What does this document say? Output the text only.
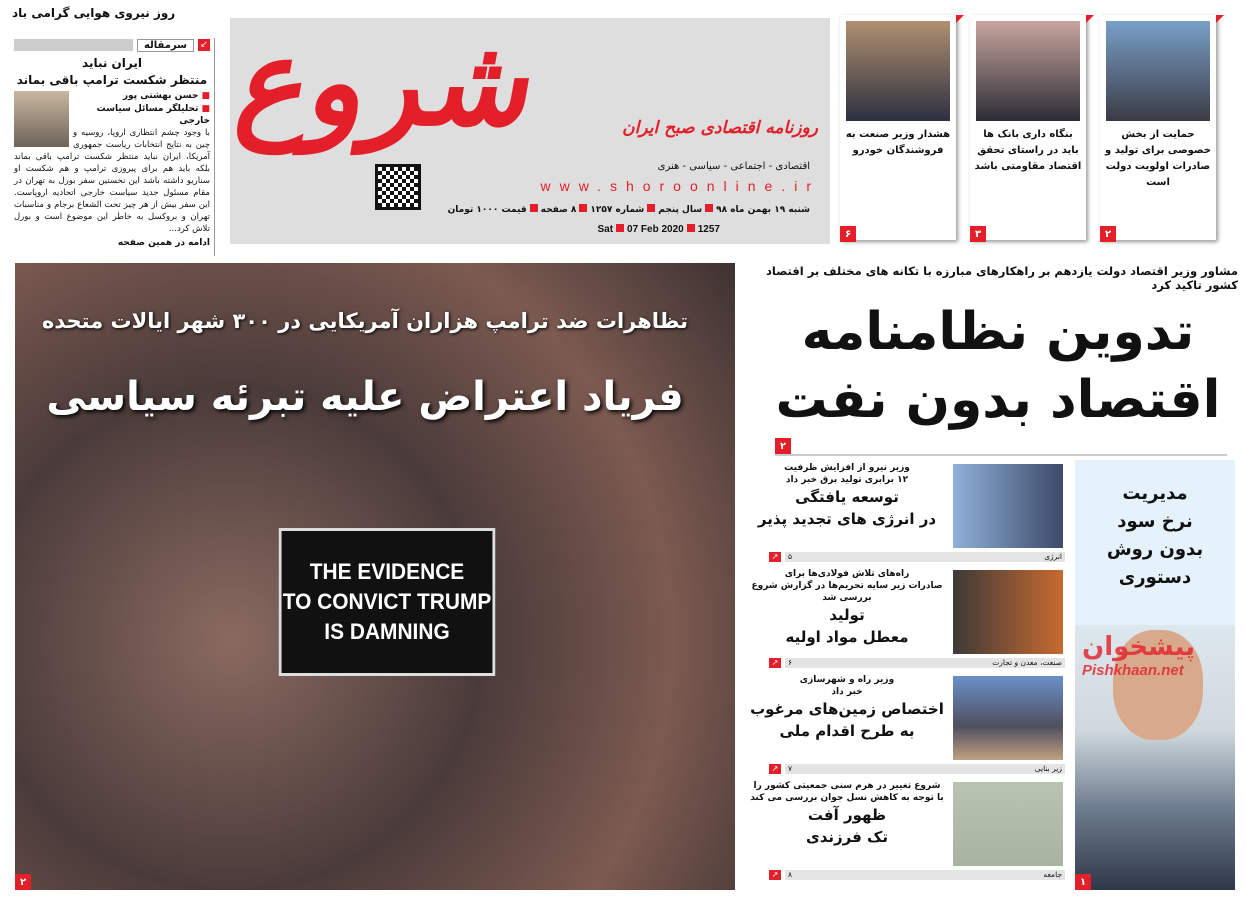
روز نیروی هوایی گرامی باد
↙
سرمقاله
ایران نباید
منتظر شکست ترامپ باقی بماند
■ حسن بهشتی پور
■ تحلیلگر مسائل سیاست خارجی

با وجود چشم انتظاری اروپا، روسیه و چین به نتایج انتخابات ریاست جمهوری آمریکا، ایران نباید منتظر شکست ترامپ باقی بماند بلکه باید هم برای پیروزی ترامپ و هم شکست او سناریو داشته باشد این نخستین سفر بورل به تهران در مقام مسئول جدید سیاست خارجی اتحادیه اروپاست. این سفر بیش از هر چیز تحت الشعاع برجام و مناسبات تهران و بروکسل به خاطر این موضوع است و بورل تلاش کرد...

ادامه در همین صفحه
شروع	روزنامه اقتصادی صبح ایران
اقتصادی - اجتماعی - سیاسی - هنری
www.shoroonline.ir
شنبه ۱۹ بهمن ماه ۹۸سال پنجمشماره ۱۲۵۷۸ صفحهقیمت ۱۰۰۰ تومان
Sat 07 Feb 2020 1257
حمایت از بخش خصوصی برای تولید و صادرات اولویت دولت است
۲
بنگاه داری بانک ها باید در راستای تحقق اقتصاد مقاومتی باشد
۳
هشدار وزیر صنعت به فروشندگان خودرو
۶
تظاهرات ضد ترامپ هزاران آمریکایی در ۳۰۰ شهر ایالات متحده
فریاد اعتراض علیه تبرئه سیاسی
THE EVIDENCE
TO CONVICT TRUMP
IS DAMNING
۲
مشاور وزیر اقتصاد دولت یازدهم بر راهکارهای مبارزه با تکانه های مختلف بر اقتصاد کشور تاکید کرد
تدوین نظامنامه
اقتصاد بدون نفت
۲
وزیر نیرو از افزایش ظرفیت
۱۲ برابری تولید برق خبر داد
توسعه یافتگی
در انرژی های تجدید پذیر
انرژی
۵
↗
راه‌های تلاش فولادی‌ها برای
صادرات زیر سایه تحریم‌ها در گزارش شروع بررسی شد
تولید
معطل مواد اولیه
صنعت، معدن و تجارت
۶
↗
وزیر راه و شهرسازی
خبر داد
اختصاص زمین‌های مرغوب
به طرح اقدام ملی
زیر بنایی
۷
↗
شروع تغییر در هرم سنی جمعیتی کشور را
با توجه به کاهش نسل جوان بررسی می کند
ظهور آفت
تک فرزندی
جامعه
۸
↗
مدیریت
نرخ سود
بدون روش
دستوری
۱
پیشخوان
Pishkhaan.net
